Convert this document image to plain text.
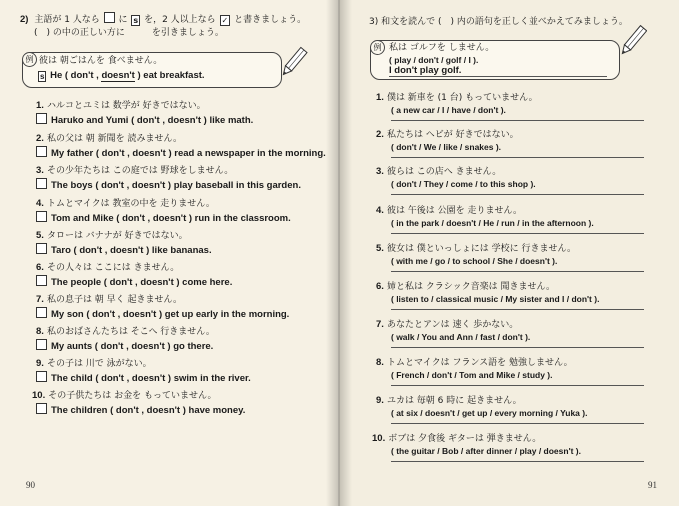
2) 主語が 1 人なら に s を，2 人以上なら ✓ と書きましょう。
(　) の中の正しい方に　　　を引きましょう。
例 彼は 朝ごはんを 食べません。
s He ( don't , doesn't ) eat breakfast.
1. ハルコとユミは 数学が 好きではない。
Haruko and Yumi ( don't , doesn't ) like math.
2. 私の父は 朝 新聞を 読みません。
My father ( don't , doesn't ) read a newspaper in the morning.
3. その少年たちは この庭では 野球をしません。
The boys ( don't , doesn't ) play baseball in this garden.
4. トムとマイクは 教室の中を 走りません。
Tom and Mike ( don't , doesn't ) run in the classroom.
5. タローは バナナが 好きではない。
Taro ( don't , doesn't ) like bananas.
6. その人々は ここには きません。
The people ( don't , doesn't ) come here.
7. 私の息子は 朝 早く 起きません。
My son ( don't , doesn't ) get up early in the morning.
8. 私のおばさんたちは そこへ 行きません。
My aunts ( don't , doesn't ) go there.
9. その子は 川で 泳がない。
The child ( don't , doesn't ) swim in the river.
10. その子供たちは お金を もっていません。
The children ( don't , doesn't ) have money.
90
3) 和文を読んで (　) 内の語句を正しく並べかえてみましょう。
例 私は ゴルフを しません。
( play / don't / golf / I ).
I don't play golf.
1. 僕は 新車を (1 台) もっていません。
( a new car / I / have / don't ).
2. 私たちは ヘビが 好きではない。
( don't / We / like / snakes ).
3. 彼らは この店へ きません。
( don't / They / come / to this shop ).
4. 彼は 午後は 公園を 走りません。
( in the park / doesn't / He / run / in the afternoon ).
5. 彼女は 僕といっしょには 学校に 行きません。
( with me / go / to school / She / doesn't ).
6. 姉と私は クラシック音楽は 聞きません。
( listen to / classical music / My sister and I / don't ).
7. あなたとアンは 速く 歩かない。
( walk / You and Ann / fast / don't ).
8. トムとマイクは フランス語を 勉強しません。
( French / don't / Tom and Mike / study ).
9. ユカは 毎朝 6 時に 起きません。
( at six / doesn't / get up / every morning / Yuka ).
10. ボブは 夕食後 ギターは 弾きません。
( the guitar / Bob / after dinner / play / doesn't ).
91
